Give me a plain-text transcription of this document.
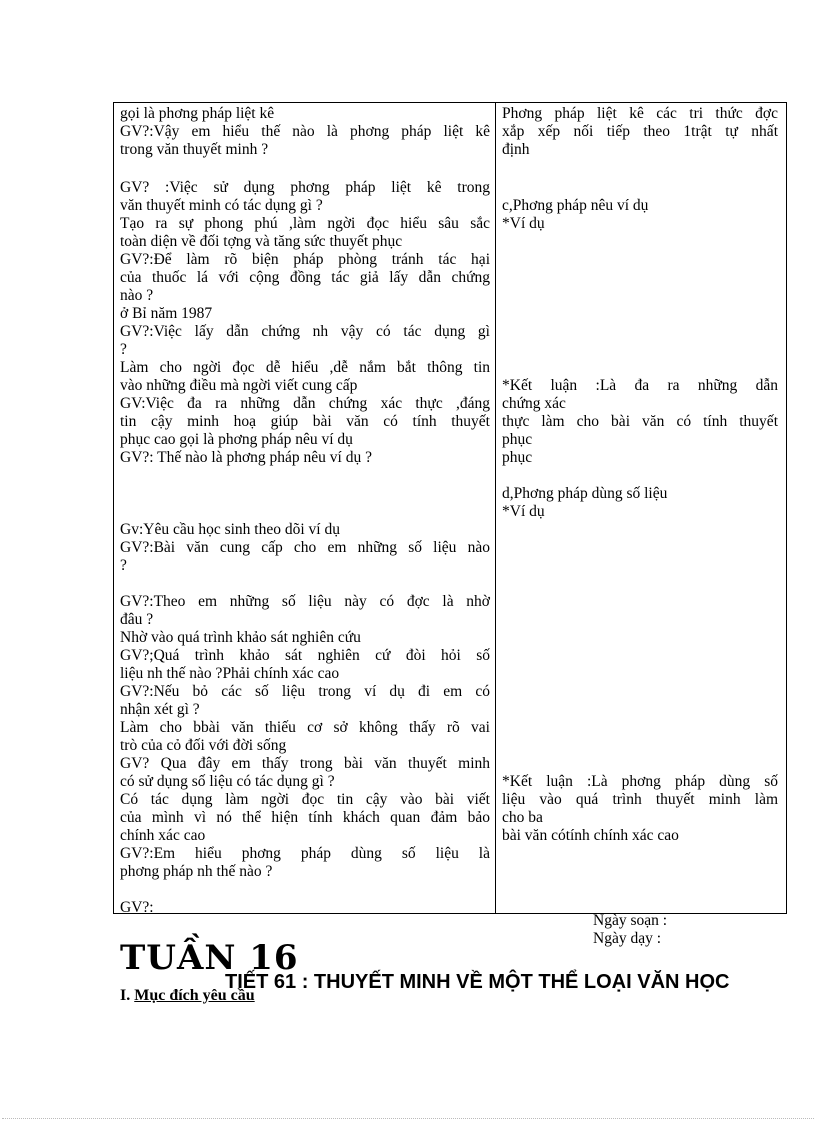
gọi là phơng pháp liệt kê
GV?:Vậy em hiểu thế nào là phơng pháp liệt kê
trong văn thuyết minh ?
GV? :Việc sử dụng phơng pháp liệt kê trong
văn thuyết minh có tác dụng gì ?
Tạo ra sự phong phú ,làm ngời đọc hiểu sâu sắc
toàn diện về đối tợng và tăng sức thuyết phục
GV?:Để làm rõ biện pháp phòng tránh tác hại
của thuốc lá với cộng đồng tác giả lấy dẫn chứng
nào ?
ở Bỉ năm 1987
GV?:Việc lấy dẫn chứng nh vậy có tác dụng gì
?
Làm cho ngời đọc dễ hiểu ,dễ nắm bắt thông tin
vào những điều mà ngời viết cung cấp
GV:Việc đa ra những dẫn chứng xác thực ,đáng
tin cậy minh hoạ giúp bài văn có tính thuyết
phục cao gọi là phơng pháp nêu ví dụ
GV?: Thế nào là phơng pháp nêu ví dụ ?
Gv:Yêu cầu học sinh theo dõi ví dụ
GV?:Bài văn cung cấp cho em những số liệu nào
?
GV?:Theo em những số liệu này có đợc là nhờ
đâu ?
Nhờ vào quá trình khảo sát nghiên cứu
GV?;Quá trình khảo sát nghiên cứ đòi hỏi số
liệu nh thế nào ?Phải chính xác cao
GV?:Nếu bỏ các số liệu trong ví dụ đi em có
nhận xét gì ?
Làm cho bbài văn thiếu cơ sở không thấy rõ vai
trò của cỏ đối với đời sống
GV? Qua đây em thấy trong bài văn thuyết minh
có sử dụng số liệu có tác dụng gì ?
Có tác dụng làm ngời đọc tin cậy vào bài viết
của mình vì nó thể hiện tính khách quan đảm bảo
chính xác cao
GV?:Em hiểu phơng pháp dùng số liệu là
phơng pháp nh thế nào ?
GV?:
Phơng pháp liệt kê các tri thức đợc
xắp xếp nối tiếp theo 1trật tự nhất
định
c,Phơng pháp nêu ví dụ
*Ví dụ
*Kết luận :Là đa ra những dẫn
chứng xác
thực làm cho bài văn có tính thuyết
phục
phục
d,Phơng pháp dùng số liệu
*Ví dụ
*Kết luận :Là phơng pháp dùng số
liệu vào quá trình thuyết minh làm
cho ba
bài văn cótính chính xác cao
Ngày soạn :
Ngày dạy :
TUẦN 16
TIẾT 61 : THUYẾT MINH VỀ MỘT THỂ LOẠI VĂN HỌC
I. Mục đích yêu cầu
